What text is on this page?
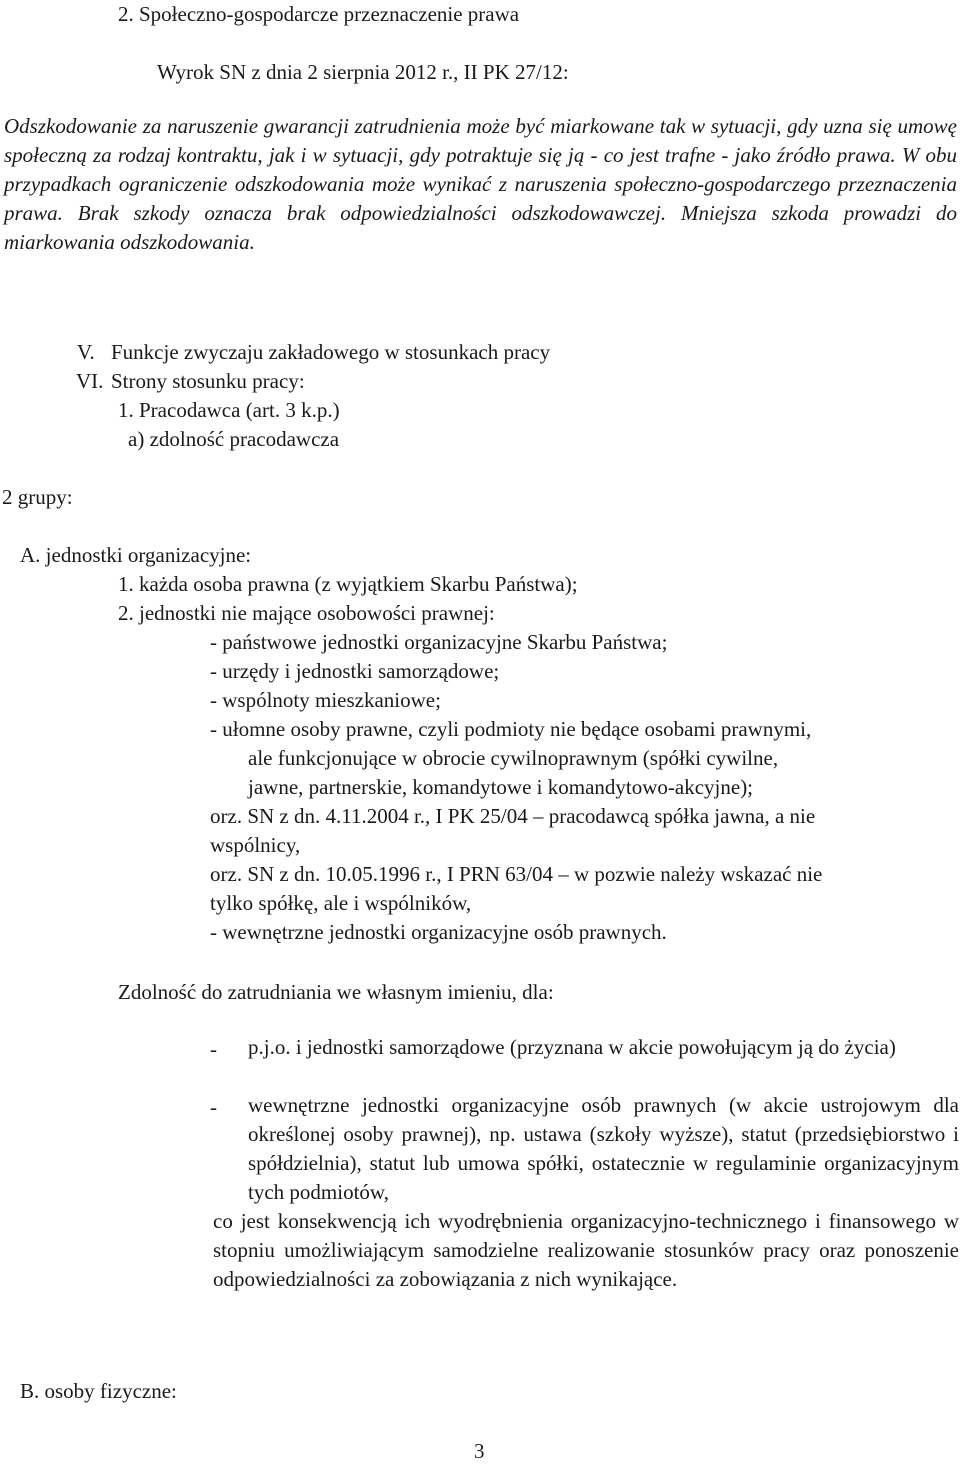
2. Społeczno-gospodarcze przeznaczenie prawa
Wyrok SN z dnia 2 sierpnia 2012 r., II PK 27/12:

Odszkodowanie za naruszenie gwarancji zatrudnienia może być miarkowane tak w sytuacji, gdy uzna się umowę społeczną za rodzaj kontraktu, jak i w sytuacji, gdy potraktuje się ją - co jest trafne - jako źródło prawa. W obu przypadkach ograniczenie odszkodowania może wynikać z naruszenia społeczno-gospodarczego przeznaczenia prawa. Brak szkody oznacza brak odpowiedzialności odszkodowawczej. Mniejsza szkoda prowadzi do miarkowania odszkodowania.

V. Funkcje zwyczaju zakładowego w stosunkach pracy
VI. Strony stosunku pracy:
1. Pracodawca (art. 3 k.p.)
a) zdolność pracodawcza
2 grupy:
A. jednostki organizacyjne:
1. każda osoba prawna (z wyjątkiem Skarbu Państwa);
2. jednostki nie mające osobowości prawnej:
- państwowe jednostki organizacyjne Skarbu Państwa;
- urzędy i jednostki samorządowe;
- wspólnoty mieszkaniowe;
- ułomne osoby prawne, czyli podmioty nie będące osobami prawnymi,
ale funkcjonujące w obrocie cywilnoprawnym (spółki cywilne,
jawne, partnerskie, komandytowe i komandytowo-akcyjne);
orz. SN z dn. 4.11.2004 r., I PK 25/04 – pracodawcą spółka jawna, a nie
wspólnicy,
orz. SN z dn. 10.05.1996 r., I PRN 63/04 – w pozwie należy wskazać nie
tylko spółkę, ale i wspólników,
- wewnętrzne jednostki organizacyjne osób prawnych.
Zdolność do zatrudniania we własnym imieniu, dla:
- p.j.o. i jednostki samorządowe (przyznana w akcie powołującym ją do życia)

- wewnętrzne jednostki organizacyjne osób prawnych (w akcie ustrojowym dla określonej osoby prawnej), np. ustawa (szkoły wyższe), statut (przedsiębiorstwo i spółdzielnia), statut lub umowa spółki, ostatecznie w regulaminie organizacyjnym tych podmiotów,

co jest konsekwencją ich wyodrębnienia organizacyjno-technicznego i finansowego w stopniu umożliwiającym samodzielne realizowanie stosunków pracy oraz ponoszenie odpowiedzialności za zobowiązania z nich wynikające.

B. osoby fizyczne:
3
